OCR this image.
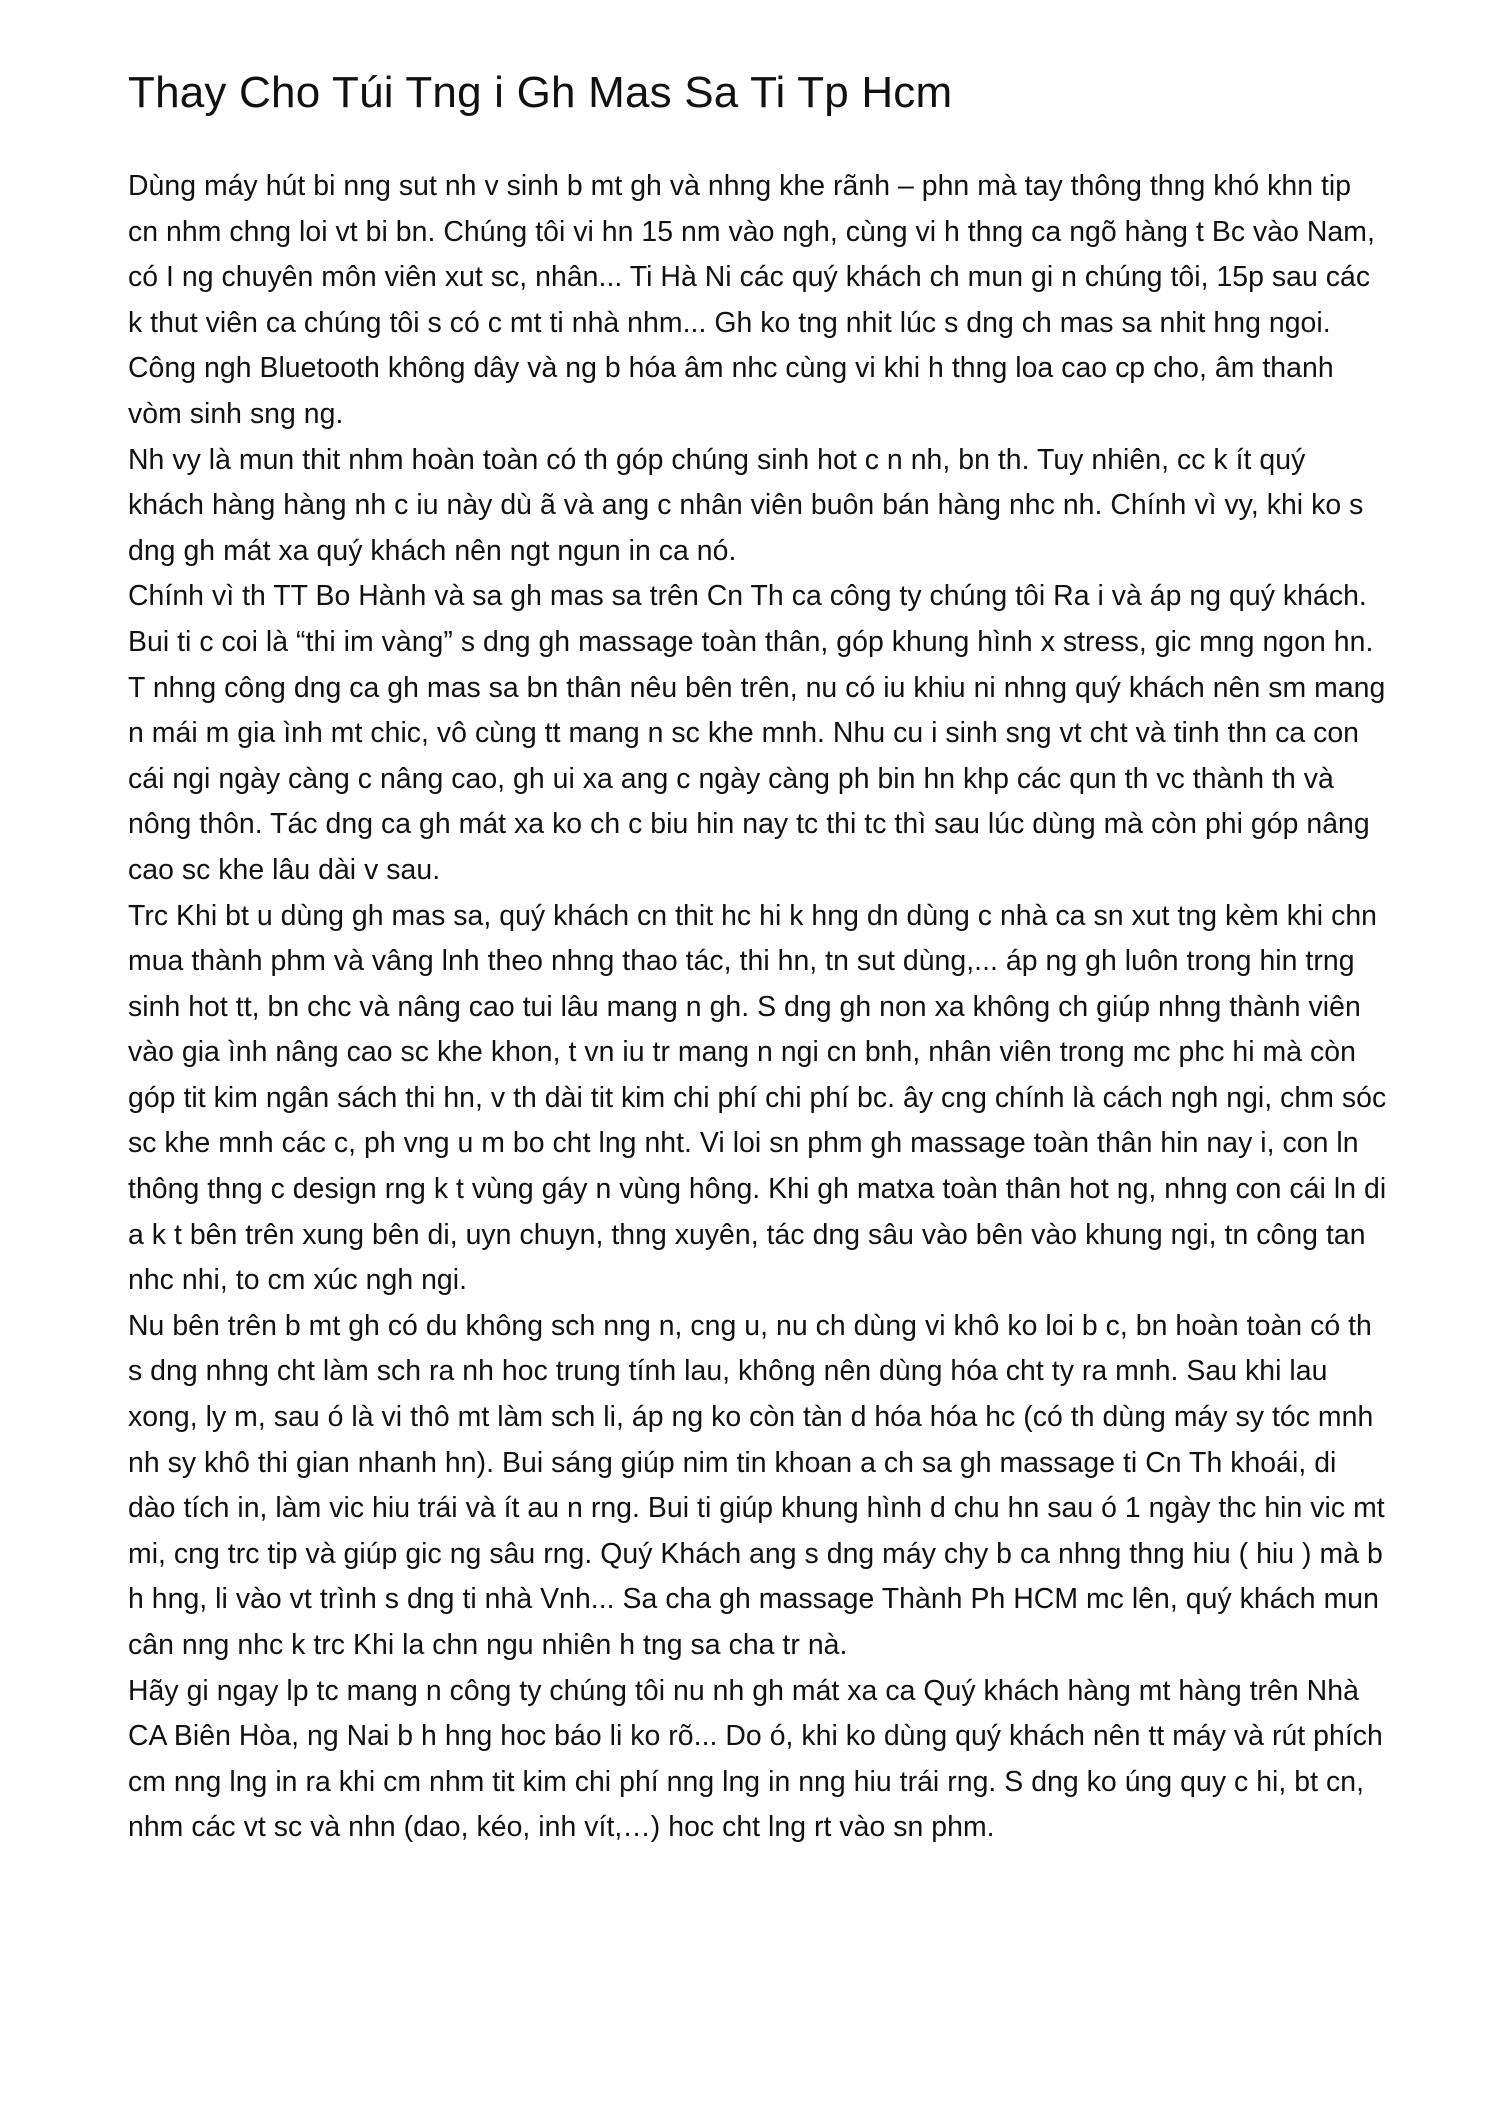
Thay Cho Túi Tng i Gh Mas Sa Ti Tp Hcm

Dùng máy hút bi nng sut nh v sinh b mt gh và nhng khe rãnh – phn mà tay thông thng khó khn tip cn nhm chng loi vt bi bn. Chúng tôi vi hn 15 nm vào ngh, cùng vi h thng ca ngõ hàng t Bc vào Nam, có I ng chuyên môn viên xut sc, nhân... Ti Hà Ni các quý khách ch mun gi n chúng tôi, 15p sau các k thut viên ca chúng tôi s có c mt ti nhà nhm... Gh ko tng nhit lúc s dng ch mas sa nhit hng ngoi. Công ngh Bluetooth không dây và ng b hóa âm nhc cùng vi khi h thng loa cao cp cho, âm thanh vòm sinh sng ng.

Nh vy là mun thit nhm hoàn toàn có th góp chúng sinh hot c n nh, bn th. Tuy nhiên, cc k ít quý khách hàng hàng nh c iu này dù ã và ang c nhân viên buôn bán hàng nhc nh. Chính vì vy, khi ko s dng gh mát xa quý khách nên ngt ngun in ca nó.

Chính vì th TT Bo Hành và sa gh mas sa trên Cn Th ca công ty chúng tôi Ra i và áp ng quý khách. Bui ti c coi là “thi im vàng” s dng gh massage toàn thân, góp khung hình x stress, gic mng ngon hn. T nhng công dng ca gh mas sa bn thân nêu bên trên, nu có iu khiu ni nhng quý khách nên sm mang n mái m gia ình mt chic, vô cùng tt mang n sc khe mnh. Nhu cu i sinh sng vt cht và tinh thn ca con cái ngi ngày càng c nâng cao, gh ui xa ang c ngày càng ph bin hn khp các qun th vc thành th và nông thôn. Tác dng ca gh mát xa ko ch c biu hin nay tc thi tc thì sau lúc dùng mà còn phi góp nâng cao sc khe lâu dài v sau.

Trc Khi bt u dùng gh mas sa, quý khách cn thit hc hi k hng dn dùng c nhà ca sn xut tng kèm khi chn mua thành phm và vâng lnh theo nhng thao tác, thi hn, tn sut dùng,... áp ng gh luôn trong hin trng sinh hot tt, bn chc và nâng cao tui lâu mang n gh. S dng gh non xa không ch giúp nhng thành viên vào gia ình nâng cao sc khe khon, t vn iu tr mang n ngi cn bnh, nhân viên trong mc phc hi mà còn góp tit kim ngân sách thi hn, v th dài tit kim chi phí chi phí bc. ây cng chính là cách ngh ngi, chm sóc sc khe mnh các c, ph vng u m bo cht lng nht. Vi loi sn phm gh massage toàn thân hin nay i, con ln thông thng c design rng k t vùng gáy n vùng hông. Khi gh matxa toàn thân hot ng, nhng con cái ln di a k t bên trên xung bên di, uyn chuyn, thng xuyên, tác dng sâu vào bên vào khung ngi, tn công tan nhc nhi, to cm xúc ngh ngi.

Nu bên trên b mt gh có du không sch nng n, cng u, nu ch dùng vi khô ko loi b c, bn hoàn toàn có th s dng nhng cht làm sch ra nh hoc trung tính lau, không nên dùng hóa cht ty ra mnh. Sau khi lau xong, ly m, sau ó là vi thô mt làm sch li, áp ng ko còn tàn d hóa hóa hc (có th dùng máy sy tóc mnh nh sy khô thi gian nhanh hn). Bui sáng giúp nim tin khoan a ch sa gh massage ti Cn Th khoái, di dào tích in, làm vic hiu trái và ít au n rng. Bui ti giúp khung hình d chu hn sau ó 1 ngày thc hin vic mt mi, cng trc tip và giúp gic ng sâu rng. Quý Khách ang s dng máy chy b ca nhng thng hiu ( hiu ) mà b h hng, li vào vt trình s dng ti nhà Vnh... Sa cha gh massage Thành Ph HCM mc lên, quý khách mun cân nng nhc k trc Khi la chn ngu nhiên h tng sa cha tr nà.

Hãy gi ngay lp tc mang n công ty chúng tôi nu nh gh mát xa ca Quý khách hàng mt hàng trên Nhà CA Biên Hòa, ng Nai b h hng hoc báo li ko rõ... Do ó, khi ko dùng quý khách nên tt máy và rút phích cm nng lng in ra khi cm nhm tit kim chi phí nng lng in nng hiu trái rng. S dng ko úng quy c hi, bt cn, nhm các vt sc và nhn (dao, kéo, inh vít,…) hoc cht lng rt vào sn phm.
